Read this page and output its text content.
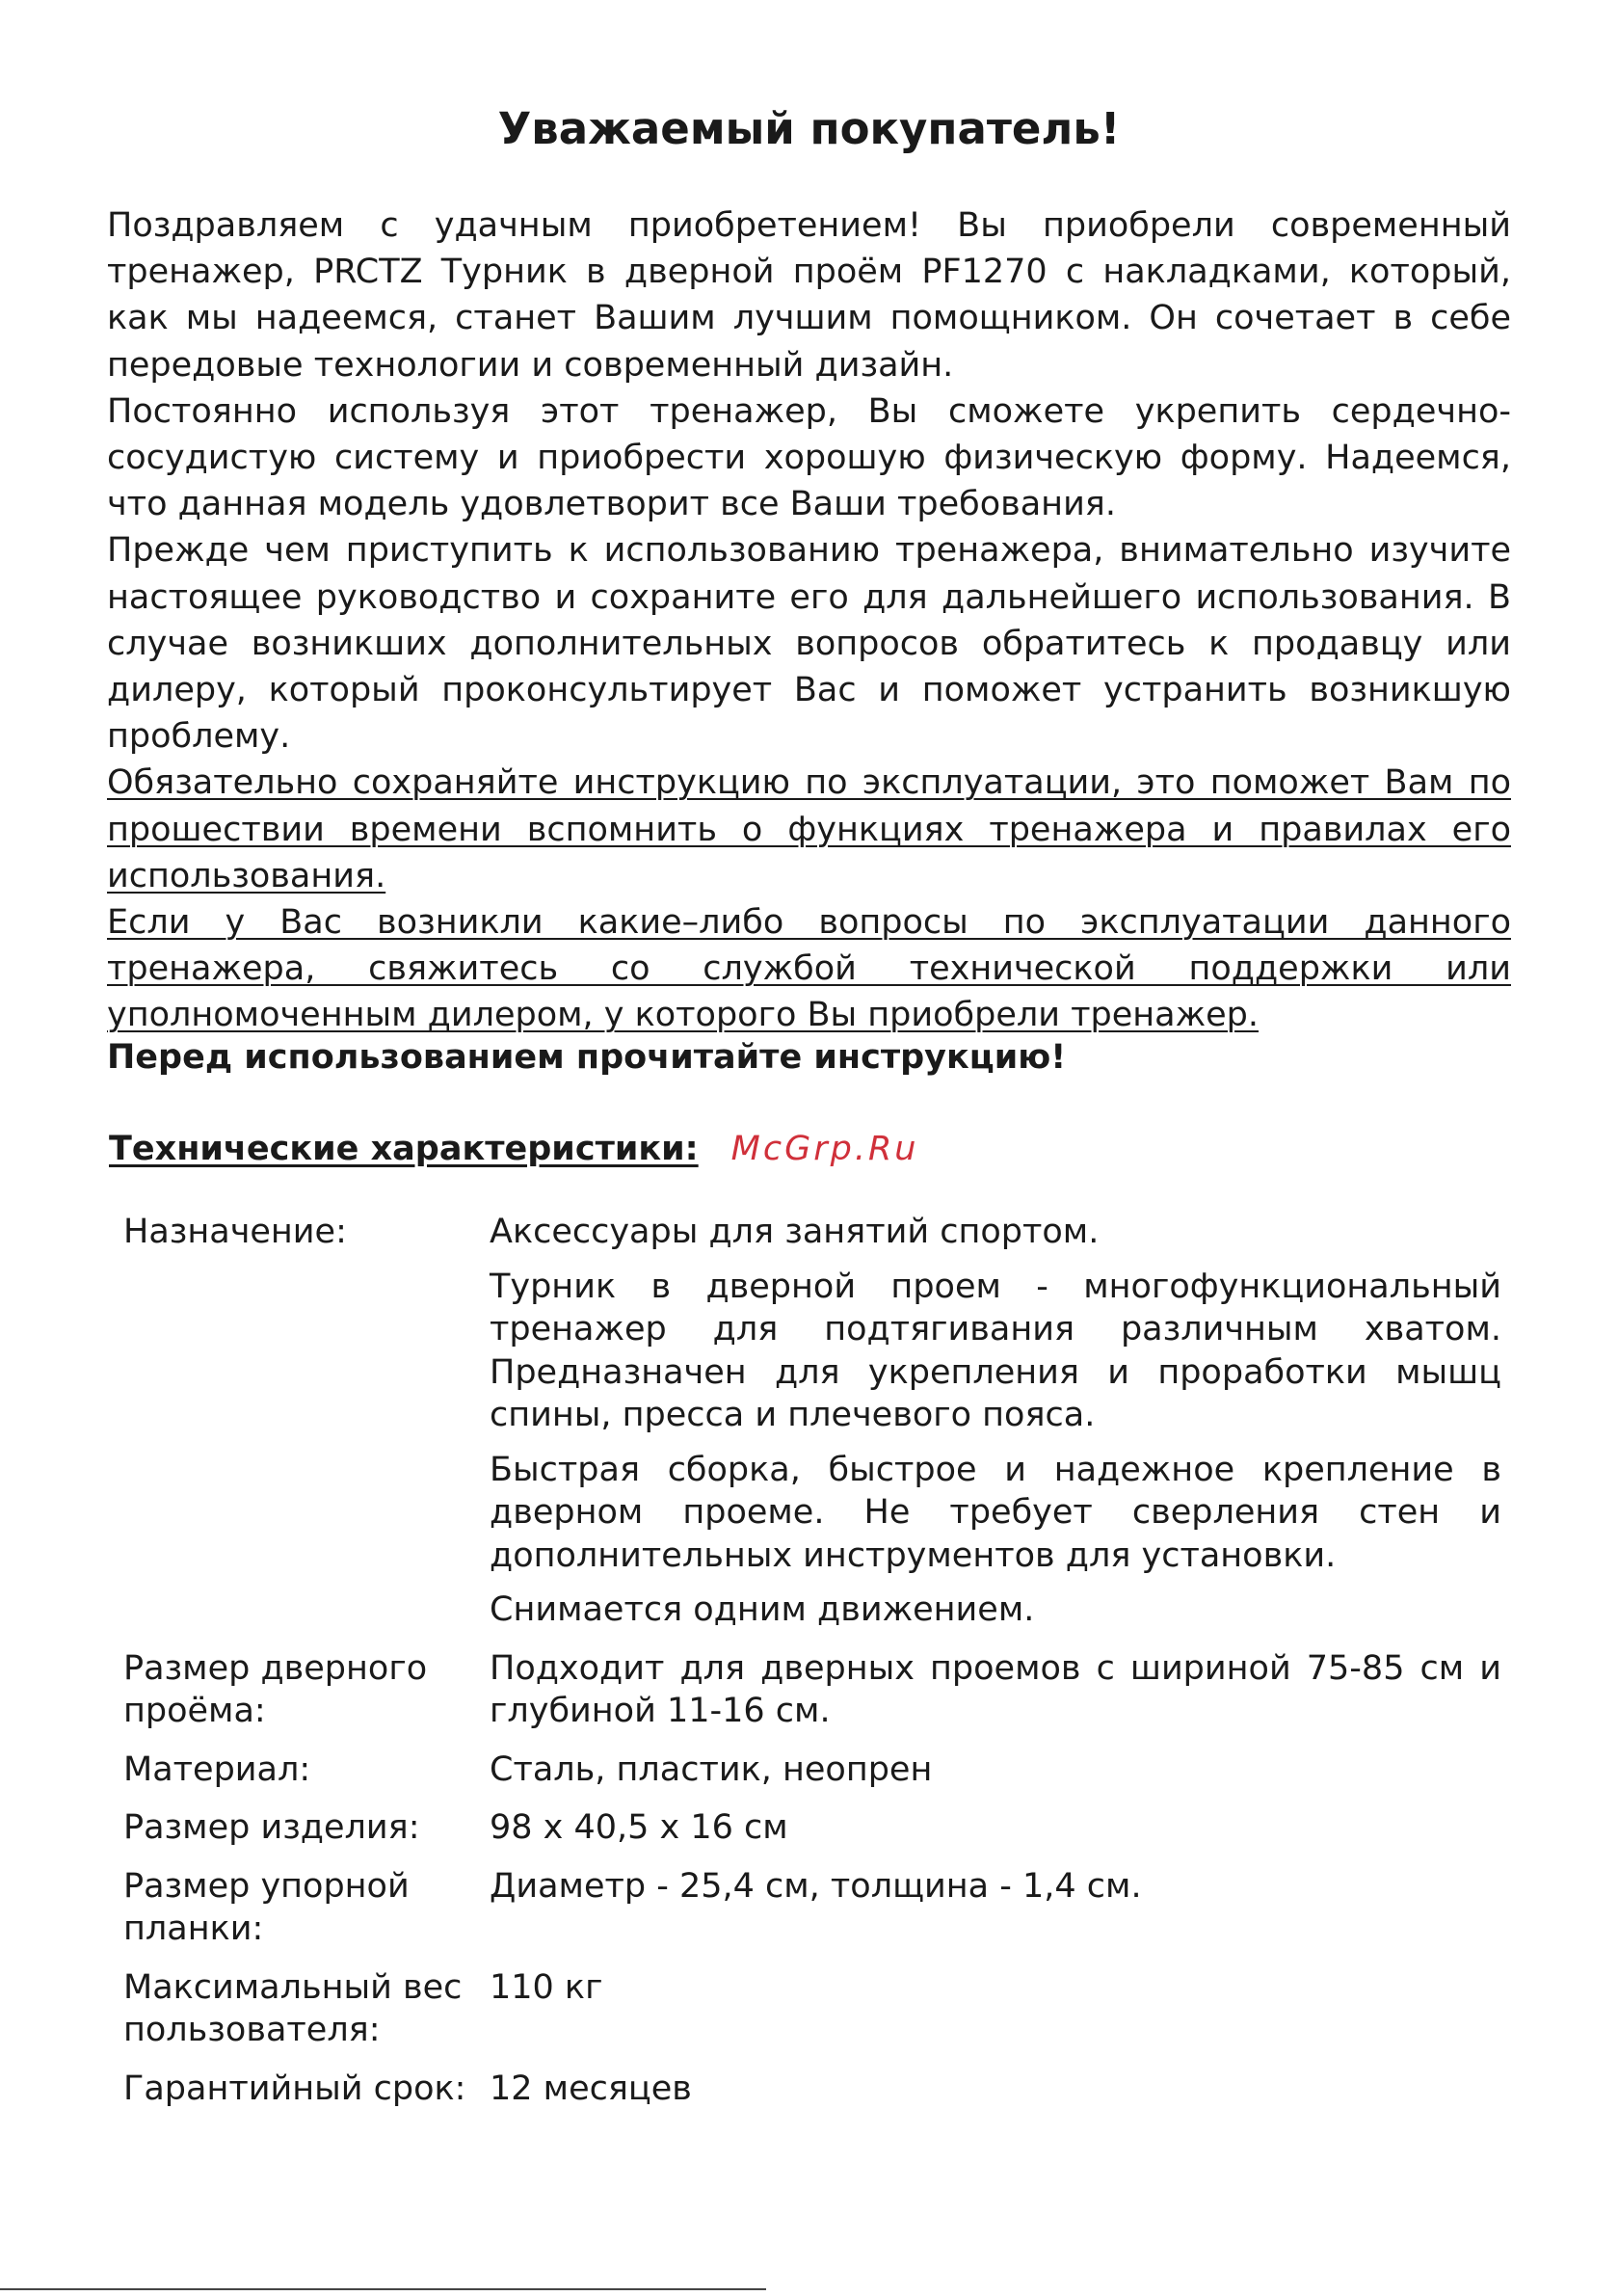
Уважаемый покупатель!

Поздравляем с удачным приобретением! Вы приобрели современный тренажер, PRCTZ Турник в дверной проём PF1270 с накладками, который, как мы надеемся, станет Вашим лучшим помощником. Он сочетает в себе передовые технологии и современный дизайн.

Постоянно используя этот тренажер, Вы сможете укрепить сердечно-сосудистую систему и приобрести хорошую физическую форму. Надеемся, что данная модель удовлетворит все Ваши требования.

Прежде чем приступить к использованию тренажера, внимательно изучите настоящее руководство и сохраните его для дальнейшего использования. В случае возникших дополнительных вопросов обратитесь к продавцу или дилеру, который проконсультирует Вас и поможет устранить возникшую проблему.

Обязательно сохраняйте инструкцию по эксплуатации, это поможет Вам по прошествии времени вспомнить о функциях тренажера и правилах его использования.

Если у Вас возникли какие–либо вопросы по эксплуатации данного тренажера, свяжитесь со службой технической поддержки или уполномоченным дилером, у которого Вы приобрели тренажер.

Перед использованием прочитайте инструкцию!

Технические характеристики: McGrp.Ru
Назначение:	Аксессуары для занятий спортом.

Турник в дверной проем - многофункциональный тренажер для подтягивания различным хватом. Предназначен для укрепления и проработки мышц спины, пресса и плечевого пояса.

Быстрая сборка, быстрое и надежное крепление в дверном проеме. Не требует сверления стен и дополнительных инструментов для установки.

Снимается одним движением.

Размер дверного проёма:

Подходит для дверных проемов с шириной 75-85 см и глубиной 11-16 см.

Материал:	Сталь, пластик, неопрен

Размер изделия:	98 x 40,5 x 16 см

Размер упорной планки:

Диаметр - 25,4 см, толщина - 1,4 см.

Максимальный вес пользователя:

110 кг

Гарантийный срок: 12 месяцев
